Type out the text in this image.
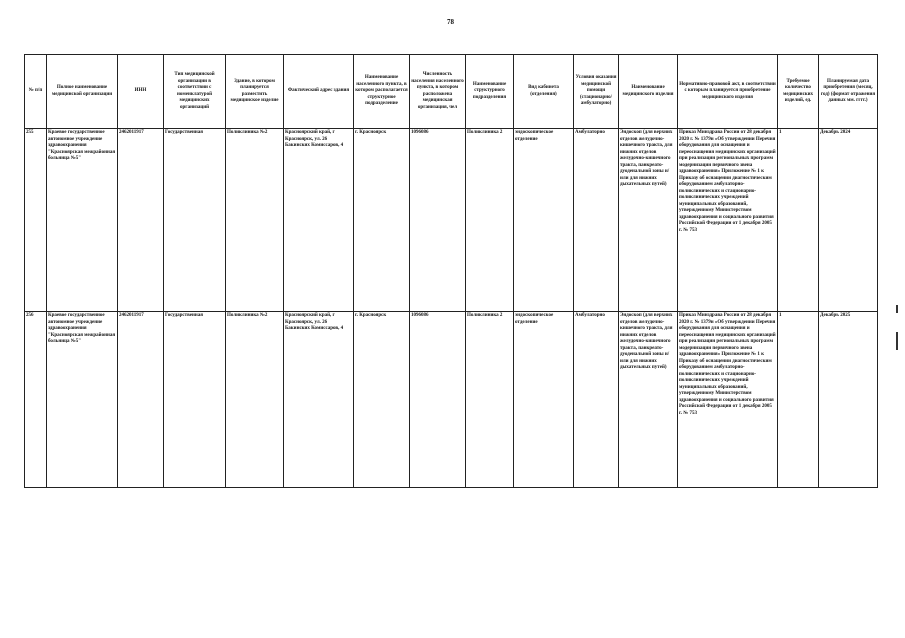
78
№ п/п	Полное наименование медицинской организации	ИНН	Тип медицинской организации в соответствии с номенклатурой медицинских организаций	Здание, в котором планируется разместить медицинское изделие	Фактический адрес здания	Наименование населенного пункта, в котором располагается структурное подразделение	Численность населения населенного пункта, в котором расположена медицинская организация, чел	Наименование структурного подразделения	Вид кабинета (отделения)	Условия оказания медицинской помощи (стационарно/амбулаторно)	Наименование медицинского изделия	Нормативно-правовой акт, в соответствии с которым планируется приобретение медицинского изделия	Требуемое количество медицинских изделий, ед.	Планируемая дата приобретения (месяц, год) (формат отражения данных мм. гггг.)
255	Краевое государственное автономное учреждение здравоохранения "Красноярская межрайонная больница №5"	2462011917	Государственная	Поликлиника №2	Красноярский край, г Красноярск, ул. 26 Бакинских Комиссаров, 4	г. Красноярск	1096086	Поликлиника 2	эндоскопическое отделение	Амбулаторно	Эндоскоп (для верхних отделов желудочно-кишечного тракта, для нижних отделов желудочно-кишечного тракта, панкреато-дуоденальной зоны и/или для нижних дыхательных путей)	Приказ Минздрава России от 28 декабря 2020 г. № 1379н «Об утверждении Перечня оборудования для оснащения и переоснащения медицинских организаций при реализации региональных программ модернизации первичного звена здравоохранения» Приложение № 1 к Приказу об оснащении диагностическим оборудованием амбулаторно-поликлинических и стационарно-поликлинических учреждений муниципальных образований, утвержденному Министерством здравоохранения и социального развития Российской Федерации от 1 декабря 2005 г. № 753	1	Декабрь 2024
256	Краевое государственное автономное учреждение здравоохранения "Красноярская межрайонная больница №5"	2462011917	Государственная	Поликлиника №2	Красноярский край, г Красноярск, ул. 26 Бакинских Комиссаров, 4	г. Красноярск	1096086	Поликлиника 2	эндоскопическое отделение	Амбулаторно	Эндоскоп (для верхних отделов желудочно-кишечного тракта, для нижних отделов желудочно-кишечного тракта, панкреато-дуоденальной зоны и/или для нижних дыхательных путей)	Приказ Минздрава России от 28 декабря 2020 г. № 1379н «Об утверждении Перечня оборудования для оснащения и переоснащения медицинских организаций при реализации региональных программ модернизации первичного звена здравоохранения» Приложение № 1 к Приказу об оснащении диагностическим оборудованием амбулаторно-поликлинических и стационарно-поликлинических учреждений муниципальных образований, утвержденному Министерством здравоохранения и социального развития Российской Федерации от 1 декабря 2005 г. № 753	1	Декабрь 2025
